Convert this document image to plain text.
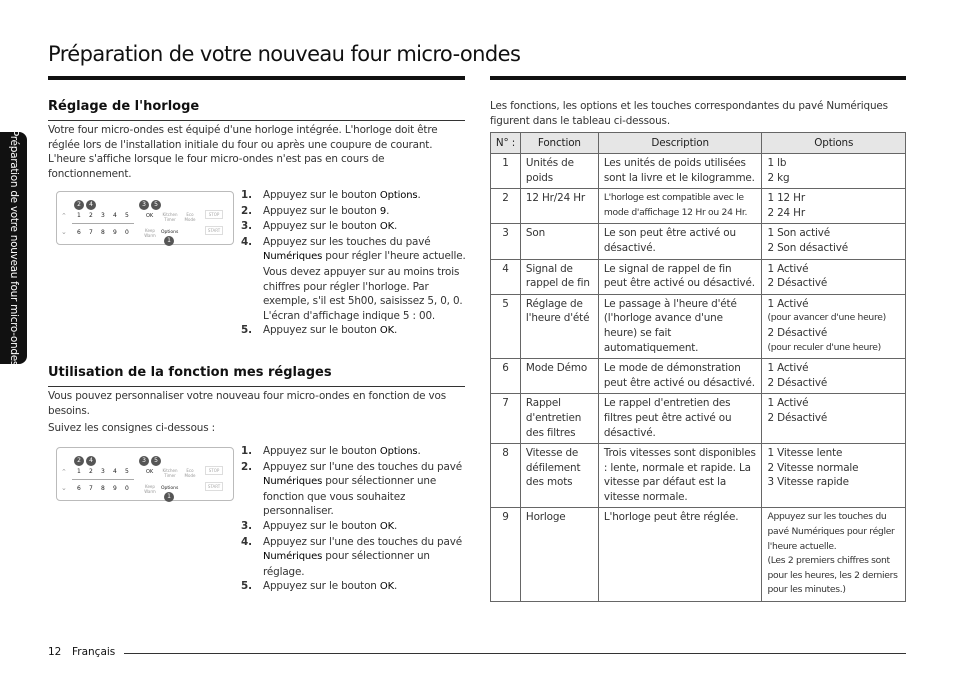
Préparation de votre nouveau four micro-ondes
Préparation de votre nouveau four micro-ondes
Réglage de l'horloge
Votre four micro-ondes est équipé d'une horloge intégrée. L'horloge doit être réglée lors de l'installation initiale du four ou après une coupure de courant. L'heure s'affiche lorsque le four micro-ondes n'est pas en cours de fonctionnement.
2	4	3	5
1
⌃
⌄
1 2 3 4 5
6 7 8 9 0
OK
Options
Kitchen Timer
Eco Mode
Keep Warm
STOP
START
1. Appuyez sur le bouton Options.
2. Appuyez sur le bouton 9.
3. Appuyez sur le bouton OK.
4. Appuyez sur les touches du pavé Numériques pour régler l'heure actuelle. Vous devez appuyer sur au moins trois chiffres pour régler l'horloge. Par exemple, s'il est 5h00, saisissez 5, 0, 0.
L'écran d'affichage indique 5 : 00.
5. Appuyez sur le bouton OK.
Utilisation de la fonction mes réglages
Vous pouvez personnaliser votre nouveau four micro-ondes en fonction de vos besoins.
Suivez les consignes ci-dessous :
2	4	3	5
1
⌃
⌄
1 2 3 4 5
6 7 8 9 0
OK
Options
Kitchen Timer
Eco Mode
Keep Warm
STOP
START
1. Appuyez sur le bouton Options.
2. Appuyez sur l'une des touches du pavé Numériques pour sélectionner une fonction que vous souhaitez personnaliser.
3. Appuyez sur le bouton OK.
4. Appuyez sur l'une des touches du pavé Numériques pour sélectionner un réglage.
5. Appuyez sur le bouton OK.
Les fonctions, les options et les touches correspondantes du pavé Numériques figurent dans le tableau ci-dessous.
N° :	Fonction	Description	Options
1	Unités de poids	Les unités de poids utilisées sont la livre et le kilogramme.	1 lb
2 kg

2	12 Hr/24 Hr	L'horloge est compatible avec le mode d'affichage 12 Hr ou 24 Hr.	1 12 Hr
2 24 Hr

3	Son	Le son peut être activé ou désactivé.	1 Son activé
2 Son désactivé

4	Signal de rappel de fin	Le signal de rappel de fin peut être activé ou désactivé.	1 Activé
2 Désactivé

5	Réglage de l'heure d'été	Le passage à l'heure d'été (l'horloge avance d'une heure) se fait automatiquement.	1 Activé
(pour avancer d'une heure)
2 Désactivé
(pour reculer d'une heure)

6	Mode Démo	Le mode de démonstration peut être activé ou désactivé.	1 Activé
2 Désactivé

7	Rappel d'entretien des filtres	Le rappel d'entretien des filtres peut être activé ou désactivé.	1 Activé
2 Désactivé

8	Vitesse de défilement des mots	Trois vitesses sont disponibles : lente, normale et rapide. La vitesse par défaut est la vitesse normale.	1 Vitesse lente
2 Vitesse normale
3 Vitesse rapide

9	Horloge	L'horloge peut être réglée.	Appuyez sur les touches du pavé Numériques pour régler l'heure actuelle.
(Les 2 premiers chiffres sont pour les heures, les 2 derniers pour les minutes.)
12 Français
